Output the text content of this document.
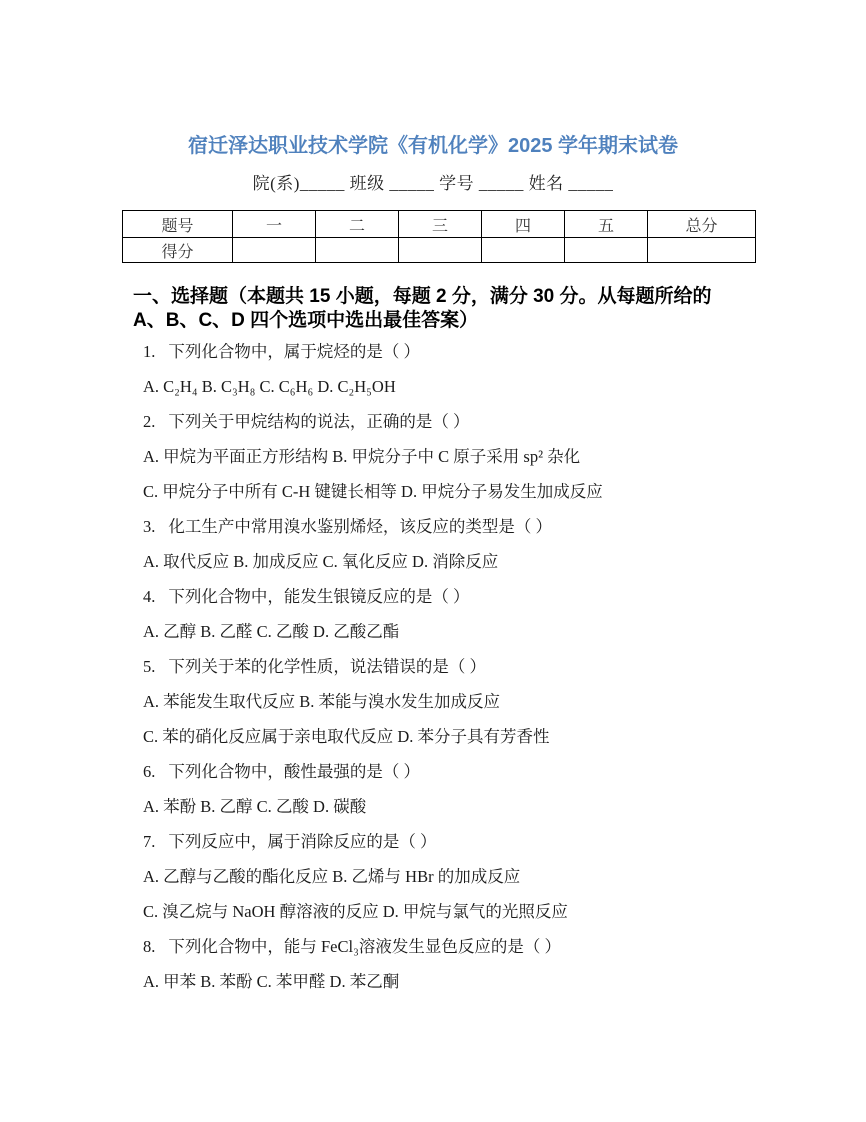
宿迁泽达职业技术学院《有机化学》2025 学年期末试卷
院(系)_____ 班级 _____ 学号 _____ 姓名 _____
题号	一	二	三	四	五	总分
得分						
一、选择题（本题共 15 小题，每题 2 分，满分 30 分。从每题所给的 A、B、C、D 四个选项中选出最佳答案）
1. 下列化合物中，属于烷烃的是（ ）
A. C₂H₄ B. C₃H₈ C. C₆H₆ D. C₂H₅OH
2. 下列关于甲烷结构的说法，正确的是（ ）
A. 甲烷为平面正方形结构 B. 甲烷分子中 C 原子采用 sp² 杂化
C. 甲烷分子中所有 C-H 键键长相等 D. 甲烷分子易发生加成反应
3. 化工生产中常用溴水鉴别烯烃，该反应的类型是（ ）
A. 取代反应 B. 加成反应 C. 氧化反应 D. 消除反应
4. 下列化合物中，能发生银镜反应的是（ ）
A. 乙醇 B. 乙醛 C. 乙酸 D. 乙酸乙酯
5. 下列关于苯的化学性质，说法错误的是（ ）
A. 苯能发生取代反应 B. 苯能与溴水发生加成反应
C. 苯的硝化反应属于亲电取代反应 D. 苯分子具有芳香性
6. 下列化合物中，酸性最强的是（ ）
A. 苯酚 B. 乙醇 C. 乙酸 D. 碳酸
7. 下列反应中，属于消除反应的是（ ）
A. 乙醇与乙酸的酯化反应 B. 乙烯与 HBr 的加成反应
C. 溴乙烷与 NaOH 醇溶液的反应 D. 甲烷与氯气的光照反应
8. 下列化合物中，能与 FeCl₃溶液发生显色反应的是（ ）
A. 甲苯 B. 苯酚 C. 苯甲醛 D. 苯乙酮
